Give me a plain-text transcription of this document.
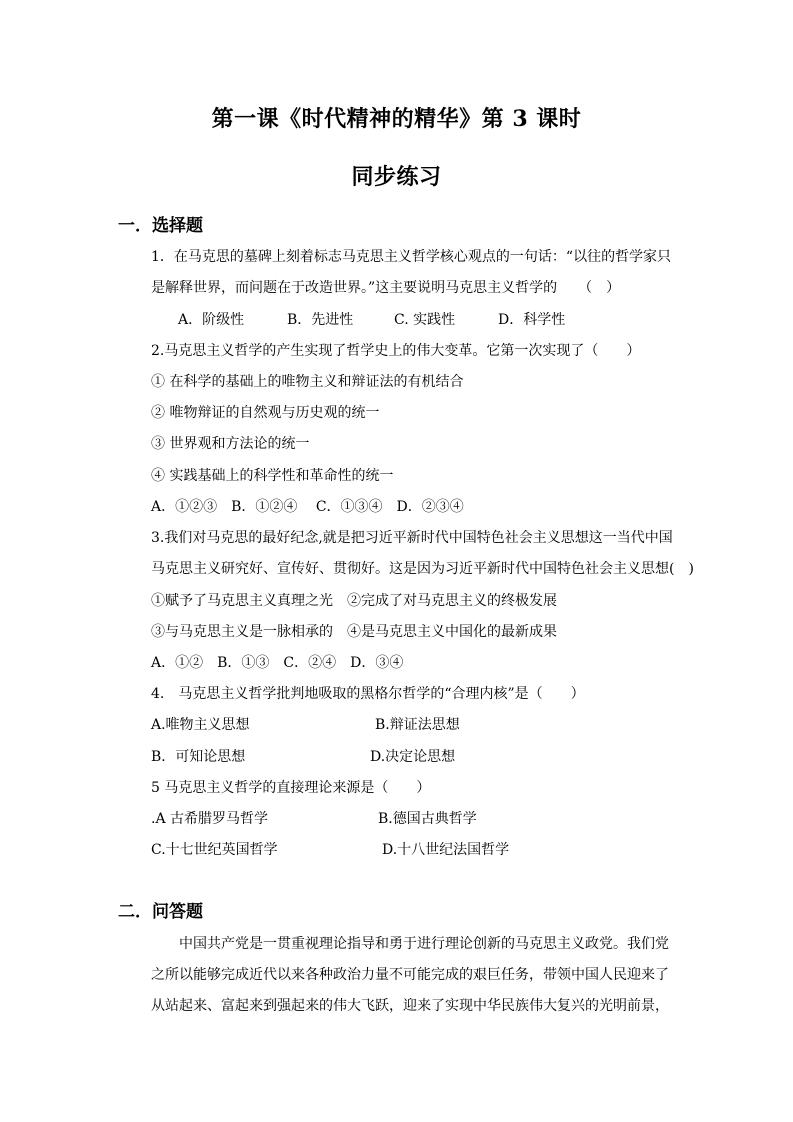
第一课《时代精神的精华》第 3 课时
同步练习
一．选择题
1．在马克思的墓碑上刻着标志马克思主义哲学核心观点的一句话：“以往的哲学家只
是解释世界，而问题在于改造世界。”这主要说明马克思主义哲学的　　（　）
A．阶级性	B．先进性	C. 实践性	D．科学性
2.马克思主义哲学的产生实现了哲学史上的伟大变革。它第一次实现了（　　）
① 在科学的基础上的唯物主义和辩证法的有机结合
② 唯物辩证的自然观与历史观的统一
③ 世界观和方法论的统一
④ 实践基础上的科学性和革命性的统一
A．①②③　B．①②④　 C．①③④　D．②③④
3.我们对马克思的最好纪念,就是把习近平新时代中国特色社会主义思想这一当代中国
马克思主义研究好、宣传好、贯彻好。这是因为习近平新时代中国特色社会主义思想(　)
①赋予了马克思主义真理之光　②完成了对马克思主义的终极发展
③与马克思主义是一脉相承的　④是马克思主义中国化的最新成果
A．①②　B．①③　C．②④　D．③④
4.　马克思主义哲学批判地吸取的黑格尔哲学的“合理内核”是（　　）
A.唯物主义思想	B.辩证法思想
B．可知论思想	D.决定论思想
5 马克思主义哲学的直接理论来源是（　　）
.A 古希腊罗马哲学	B.德国古典哲学
C.十七世纪英国哲学	D.十八世纪法国哲学
二．问答题
中国共产党是一贯重视理论指导和勇于进行理论创新的马克思主义政党。我们党之所以能够完成近代以来各种政治力量不可能完成的艰巨任务，带领中国人民迎来了从站起来、富起来到强起来的伟大飞跃，迎来了实现中华民族伟大复兴的光明前景，
